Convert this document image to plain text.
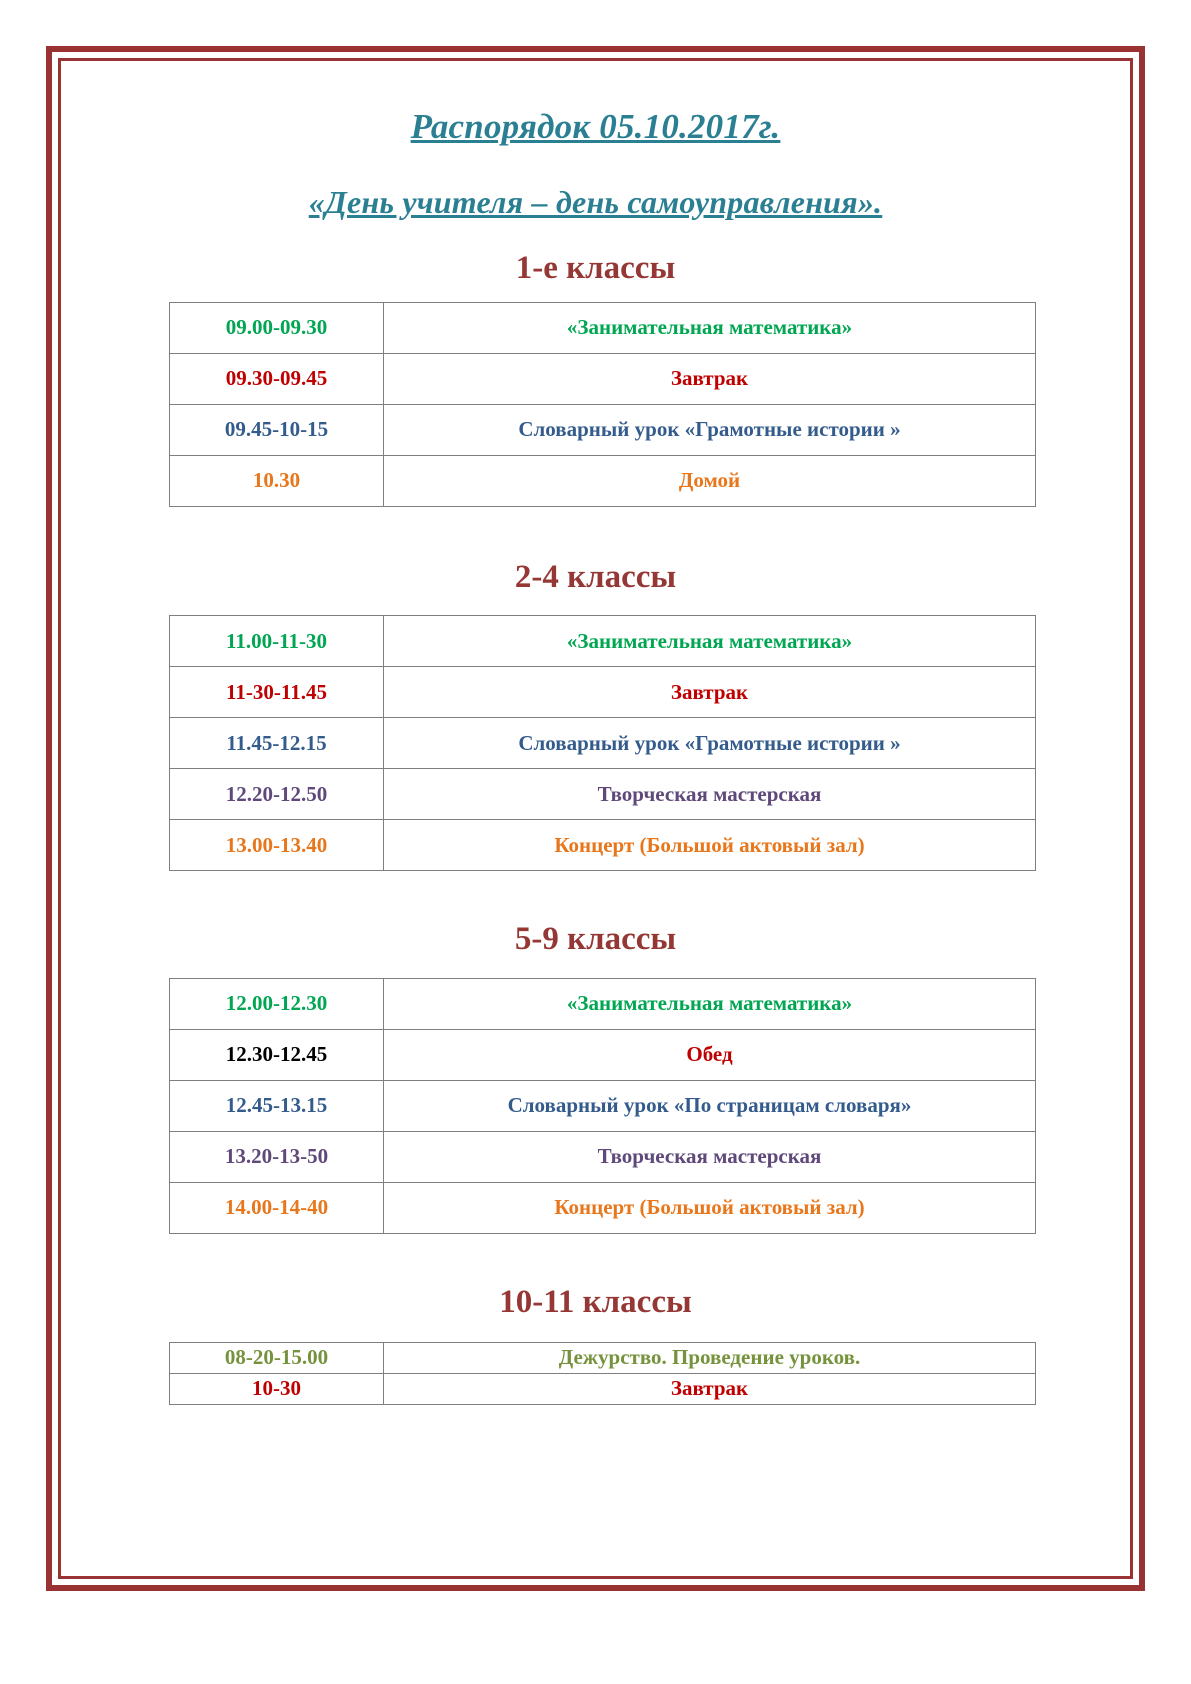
Распорядок 05.10.2017г.
«День учителя – день самоуправления».
1-е классы
09.00-09.30	«Занимательная математика»

09.30-09.45	Завтрак

09.45-10-15	Словарный урок «Грамотные истории »

10.30	Домой
2-4 классы
11.00-11-30	«Занимательная математика»

11-30-11.45	Завтрак

11.45-12.15	Словарный урок «Грамотные истории »

12.20-12.50	Творческая мастерская

13.00-13.40	Концерт (Большой актовый зал)
5-9 классы
12.00-12.30	«Занимательная математика»

12.30-12.45	Обед

12.45-13.15	Словарный урок «По страницам словаря»

13.20-13-50	Творческая мастерская

14.00-14-40	Концерт (Большой актовый зал)
10-11 классы
08-20-15.00	Дежурство. Проведение уроков.

10-30	Завтрак
